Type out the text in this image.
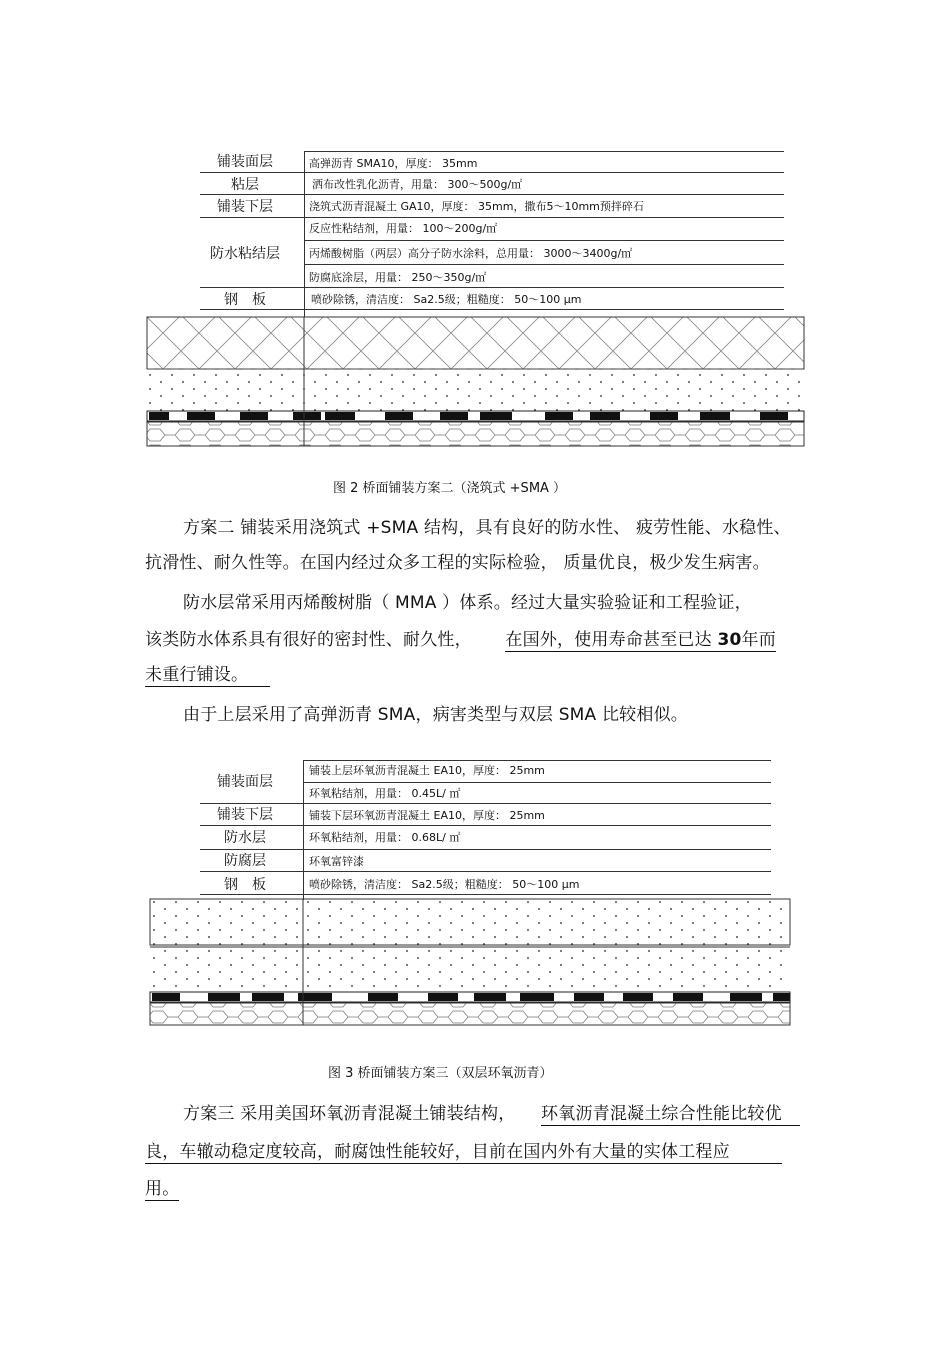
铺装面层
粘层
铺装下层
防水粘结层
钢　板
高弹沥青 SMA10，厚度： 35mm
洒布改性乳化沥青，用量： 300～500g/㎡
浇筑式沥青混凝土 GA10，厚度： 35mm，撒布5～10mm预拌碎石
反应性粘结剂，用量： 100～200g/㎡
丙烯酸树脂（两层）高分子防水涂料，总用量： 3000～3400g/㎡
防腐底涂层，用量： 250～350g/㎡
喷砂除锈，清洁度： Sa2.5级；粗糙度： 50～100 μm
图 2 桥面铺装方案二（浇筑式 +SMA ）
方案二 铺装采用浇筑式 +SMA 结构，具有良好的防水性、 疲劳性能、水稳性、
抗滑性、耐久性等。在国内经过众多工程的实际检验， 质量优良，极少发生病害。
防水层常采用丙烯酸树脂（ MMA ）体系。经过大量实验验证和工程验证，
该类防水体系具有很好的密封性、耐久性， 在国外，使用寿命甚至已达 30年而
未重行铺设。
由于上层采用了高弹沥青 SMA，病害类型与双层 SMA 比较相似。
铺装面层
铺装下层
防水层
防腐层
钢　板
铺装上层环氧沥青混凝土 EA10，厚度： 25mm
环氧粘结剂，用量： 0.45L/ ㎡
铺装下层环氧沥青混凝土 EA10，厚度： 25mm
环氧粘结剂，用量： 0.68L/ ㎡
环氧富锌漆
喷砂除锈，清洁度： Sa2.5级；粗糙度： 50～100 μm
图 3 桥面铺装方案三（双层环氧沥青）
方案三 采用美国环氧沥青混凝土铺装结构， 环氧沥青混凝土综合性能比较优
良，车辙动稳定度较高，耐腐蚀性能较好，目前在国内外有大量的实体工程应
用。
